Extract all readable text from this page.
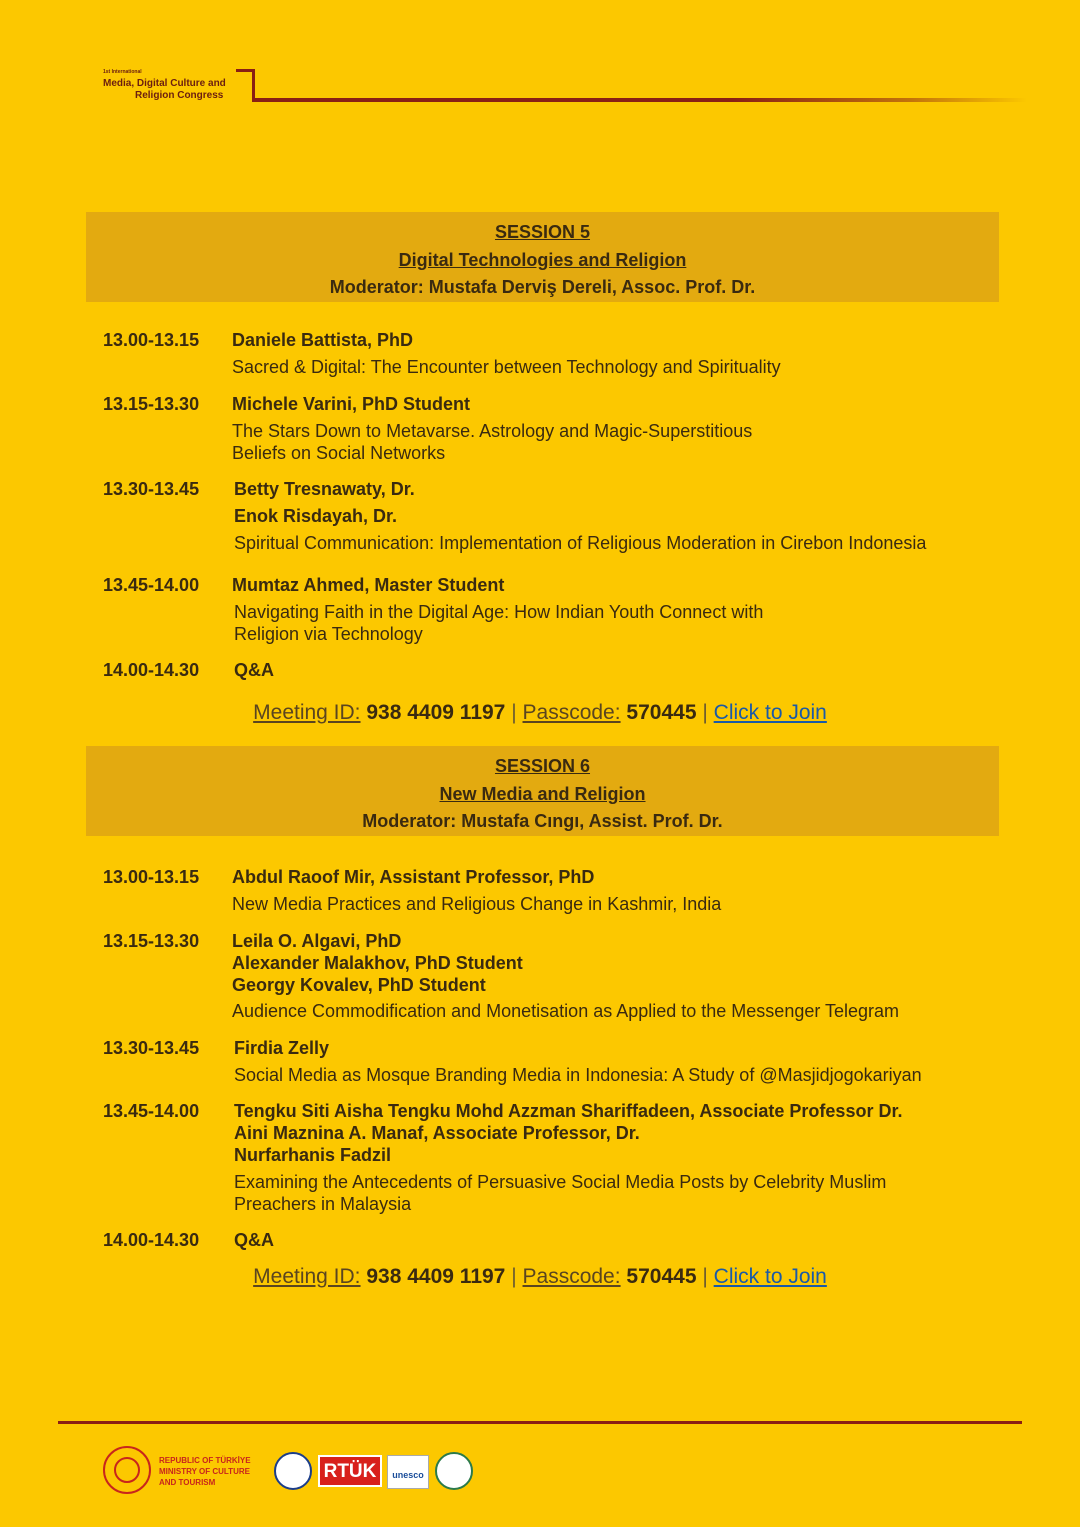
1st International
Media, Digital Culture and
Religion Congress
SESSION 5
Digital Technologies and Religion
Moderator: Mustafa Derviş Dereli, Assoc. Prof. Dr.
13.00-13.15 Daniele Battista, PhD
Sacred & Digital: The Encounter between Technology and Spirituality
13.15-13.30 Michele Varini, PhD Student
The Stars Down to Metavarse. Astrology and Magic-Superstitious
Beliefs on Social Networks
13.30-13.45 Betty Tresnawaty, Dr.
Enok Risdayah, Dr.
Spiritual Communication: Implementation of Religious Moderation in Cirebon Indonesia
13.45-14.00 Mumtaz Ahmed, Master Student
Navigating Faith in the Digital Age: How Indian Youth Connect with
Religion via Technology
14.00-14.30 Q&A
Meeting ID: 938 4409 1197 | Passcode: 570445 | Click to Join
SESSION 6
New Media and Religion
Moderator: Mustafa Cıngı, Assist. Prof. Dr.
13.00-13.15 Abdul Raoof Mir, Assistant Professor, PhD
New Media Practices and Religious Change in Kashmir, India
13.15-13.30 Leila O. Algavi, PhD
Alexander Malakhov, PhD Student
Georgy Kovalev, PhD Student
Audience Commodification and Monetisation as Applied to the Messenger Telegram
13.30-13.45 Firdia Zelly
Social Media as Mosque Branding Media in Indonesia: A Study of @Masjidjogokariyan
13.45-14.00 Tengku Siti Aisha Tengku Mohd Azzman Shariffadeen, Associate Professor Dr.
Aini Maznina A. Manaf, Associate Professor, Dr.
Nurfarhanis Fadzil
Examining the Antecedents of Persuasive Social Media Posts by Celebrity Muslim
Preachers in Malaysia
14.00-14.30 Q&A
Meeting ID: 938 4409 1197 | Passcode: 570445 | Click to Join
REPUBLIC OF TÜRKİYE
MINISTRY OF CULTURE
AND TOURISM
RTÜK	unesco
